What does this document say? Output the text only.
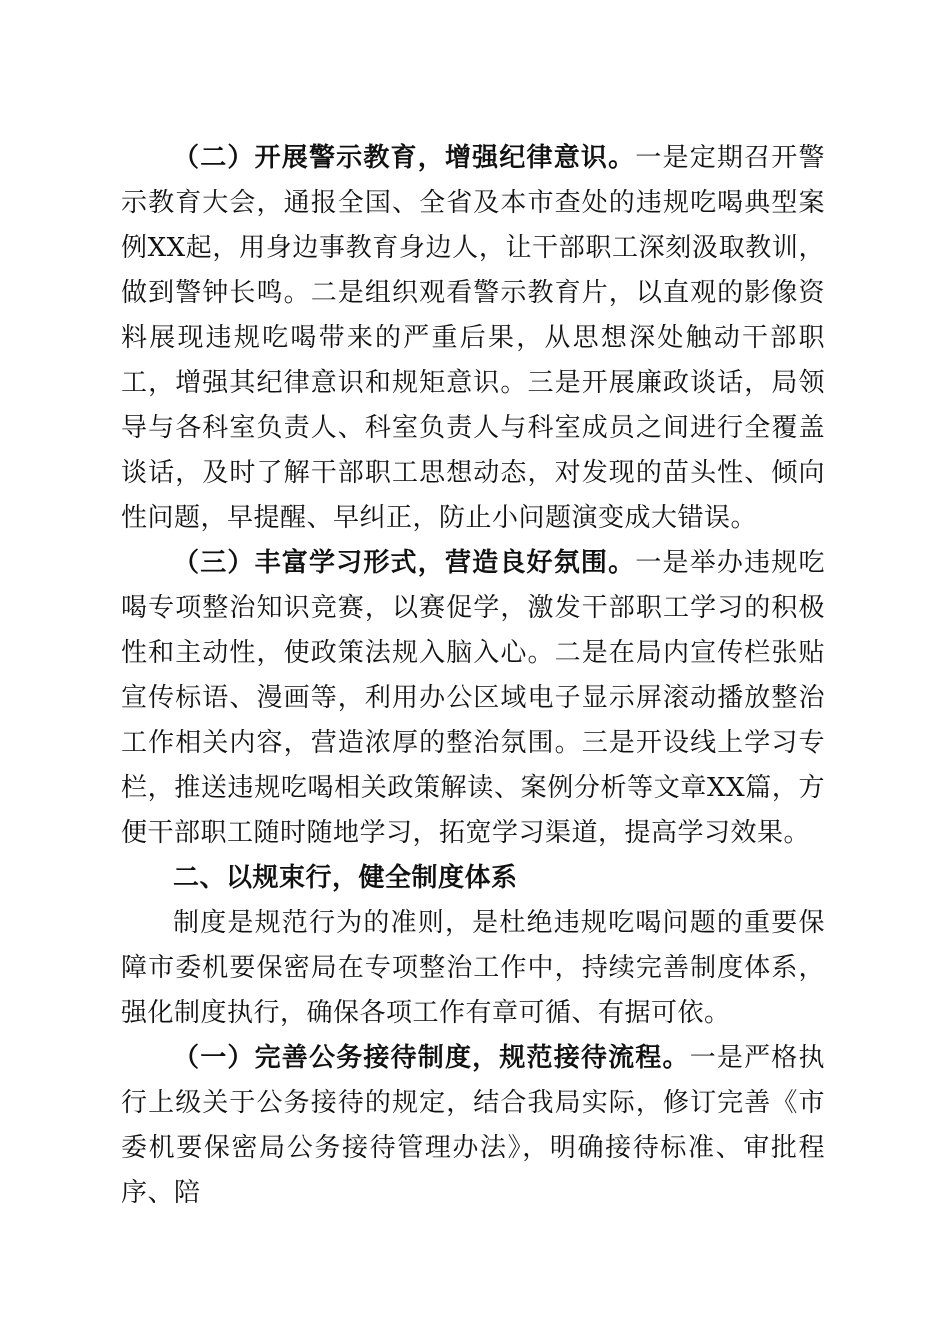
（二）开展警示教育，增强纪律意识。一是定期召开警示教育大会，通报全国、全省及本市查处的违规吃喝典型案例XX起，用身边事教育身边人，让干部职工深刻汲取教训，做到警钟长鸣。二是组织观看警示教育片，以直观的影像资料展现违规吃喝带来的严重后果，从思想深处触动干部职工，增强其纪律意识和规矩意识。三是开展廉政谈话，局领导与各科室负责人、科室负责人与科室成员之间进行全覆盖谈话，及时了解干部职工思想动态，对发现的苗头性、倾向性问题，早提醒、早纠正，防止小问题演变成大错误。

（三）丰富学习形式，营造良好氛围。一是举办违规吃喝专项整治知识竞赛，以赛促学，激发干部职工学习的积极性和主动性，使政策法规入脑入心。二是在局内宣传栏张贴宣传标语、漫画等，利用办公区域电子显示屏滚动播放整治工作相关内容，营造浓厚的整治氛围。三是开设线上学习专栏，推送违规吃喝相关政策解读、案例分析等文章XX篇，方便干部职工随时随地学习，拓宽学习渠道，提高学习效果。

二、以规束行，健全制度体系

制度是规范行为的准则，是杜绝违规吃喝问题的重要保障市委机要保密局在专项整治工作中，持续完善制度体系，强化制度执行，确保各项工作有章可循、有据可依。

（一）完善公务接待制度，规范接待流程。一是严格执行上级关于公务接待的规定，结合我局实际，修订完善《市委机要保密局公务接待管理办法》，明确接待标准、审批程序、陪
